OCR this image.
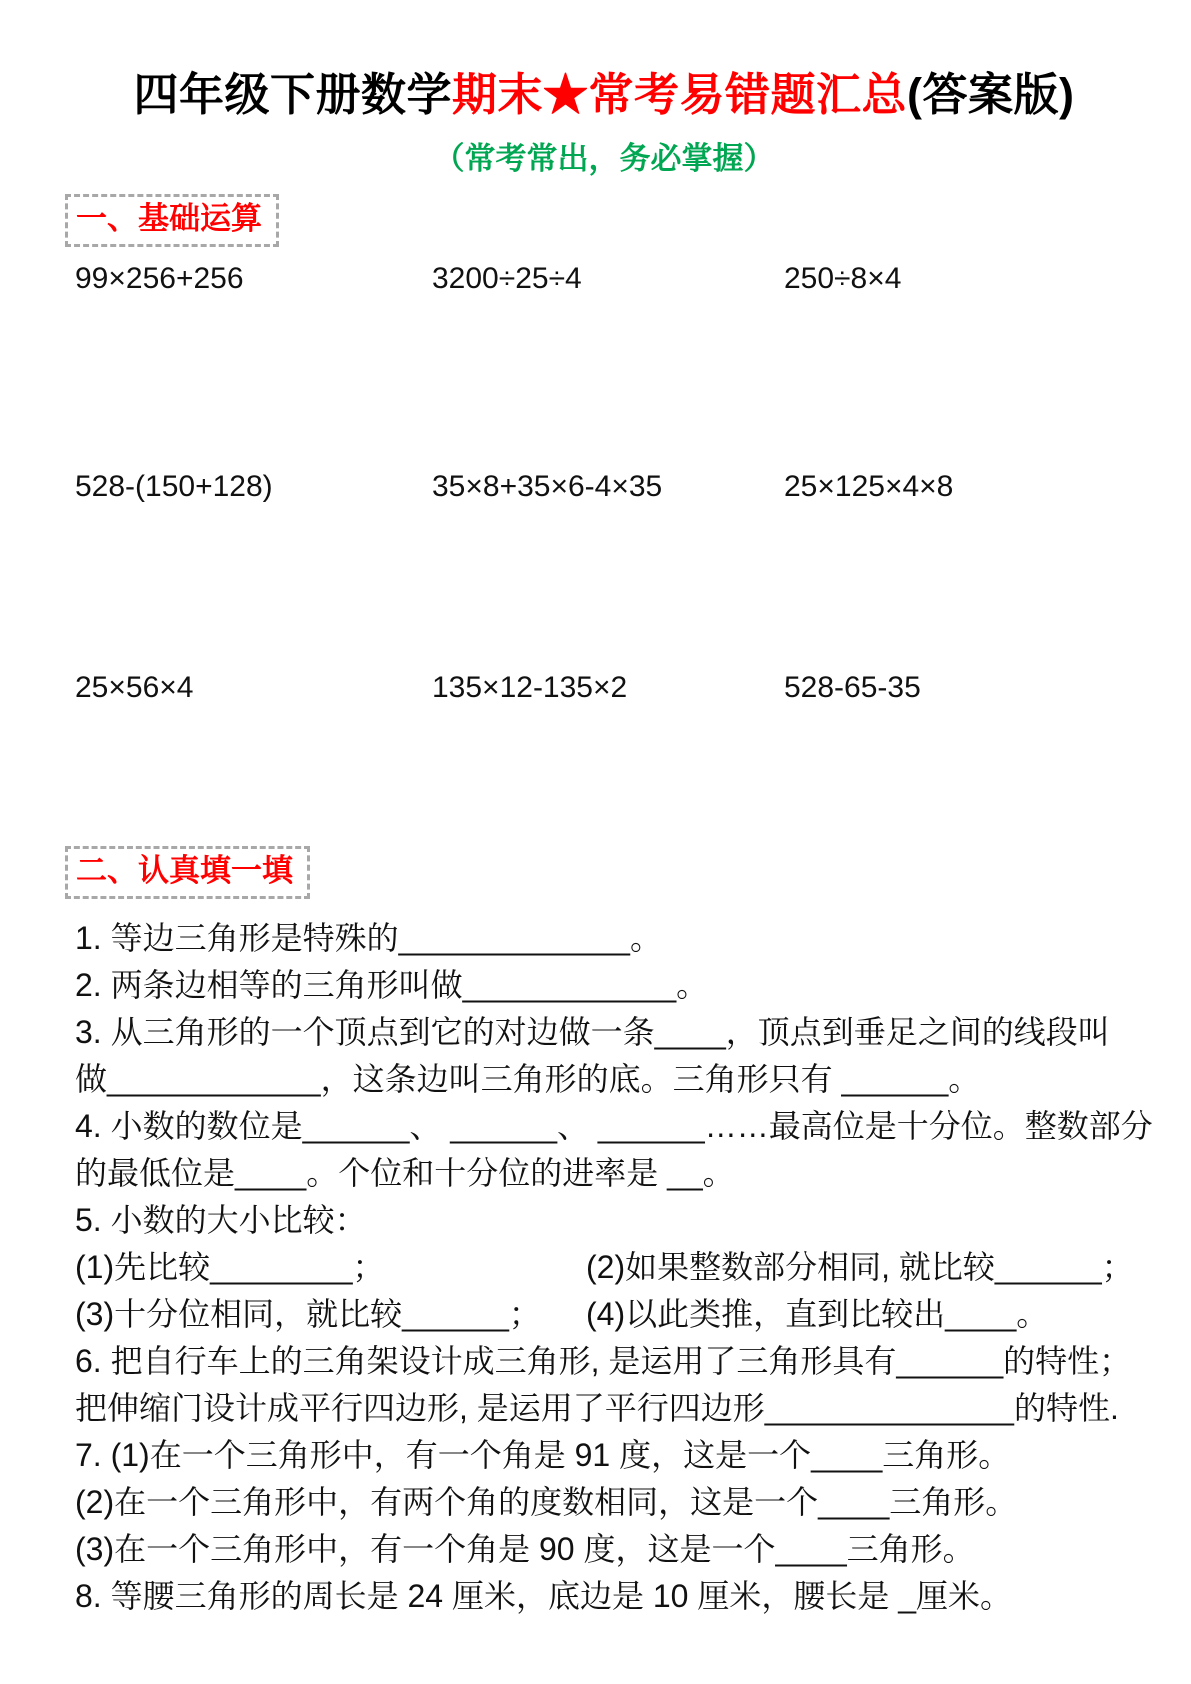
四年级下册数学期末★常考易错题汇总(答案版)
（常考常出，务必掌握）
一、基础运算
99×256+256	3200÷25÷4	250÷8×4
528-(150+128)	35×8+35×6-4×35	25×125×4×8
25×56×4	135×12-135×2	528-65-35
二、认真填一填

1. 等边三角形是特殊的_____________。

2. 两条边相等的三角形叫做____________。

3. 从三角形的一个顶点到它的对边做一条____，顶点到垂足之间的线段叫

做____________，这条边叫三角形的底。三角形只有 ______。

4. 小数的数位是______、 ______、 ______……最高位是十分位。整数部分

的最低位是____。个位和十分位的进率是 __。

5. 小数的大小比较：

(1)先比较________；	(2)如果整数部分相同, 就比较______；

(3)十分位相同，就比较______；	(4)以此类推，直到比较出____。

6. 把自行车上的三角架设计成三角形, 是运用了三角形具有______的特性；

把伸缩门设计成平行四边形, 是运用了平行四边形______________的特性.

7. (1)在一个三角形中，有一个角是 91 度，这是一个____三角形。

(2)在一个三角形中，有两个角的度数相同，这是一个____三角形。

(3)在一个三角形中，有一个角是 90 度，这是一个____三角形。

8. 等腰三角形的周长是 24 厘米，底边是 10 厘米，腰长是 _厘米。
